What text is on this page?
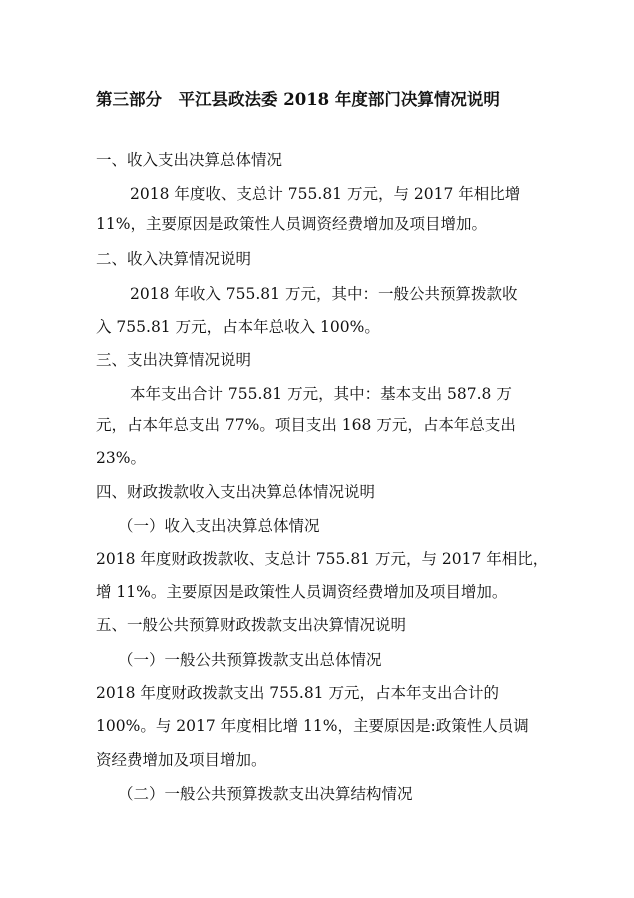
第三部分　平江县政法委 2018 年度部门决算情况说明
一、收入支出决算总体情况
2018 年度收、支总计 755.81 万元，与 2017 年相比增
11%，主要原因是政策性人员调资经费增加及项目增加。
二、收入决算情况说明
2018 年收入 755.81 万元，其中：一般公共预算拨款收
入 755.81 万元，占本年总收入 100%。
三、支出决算情况说明
本年支出合计 755.81 万元，其中：基本支出 587.8 万
元，占本年总支出 77%。项目支出 168 万元，占本年总支出
23%。
四、财政拨款收入支出决算总体情况说明
（一）收入支出决算总体情况
2018 年度财政拨款收、支总计 755.81 万元，与 2017 年相比，
增 11%。主要原因是政策性人员调资经费增加及项目增加。
五、一般公共预算财政拨款支出决算情况说明
（一）一般公共预算拨款支出总体情况
2018 年度财政拨款支出 755.81 万元，占本年支出合计的
100%。与 2017 年度相比增 11%，主要原因是:政策性人员调
资经费增加及项目增加。
（二）一般公共预算拨款支出决算结构情况
